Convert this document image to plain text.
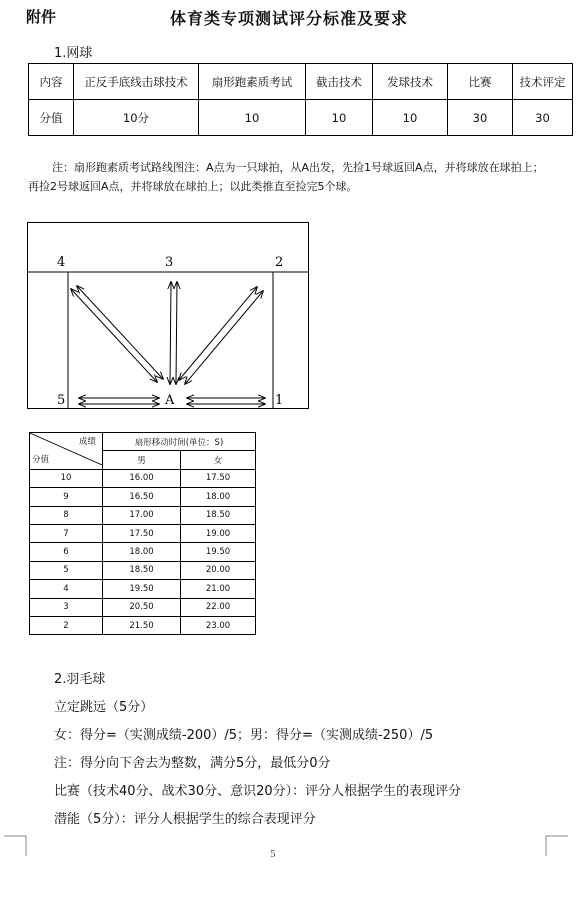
附件	体育类专项测试评分标准及要求
1.网球
内容	正反手底线击球技术	扇形跑素质考试	截击技术	发球技术	比赛	技术评定
分值	10分	10	10	10	30	30
注：扇形跑素质考试路线图注：A点为一只球拍，从A出发，先捡1号球返回A点，并将球放在球拍上；再捡2号球返回A点，并将球放在球拍上；以此类推直至捡完5个球。
4	3	2
5	A	1
成绩
分值	扇形移动时间(单位：S)	
	男	女
10	16.00	17.50
9	16.50	18.00
8	17.00	18.50
7	17.50	19.00
6	18.00	19.50
5	18.50	20.00
4	19.50	21.00
3	20.50	22.00
2	21.50	23.00
2.羽毛球
立定跳远（5分）
女：得分=（实测成绩-200）/5；男：得分=（实测成绩-250）/5
注：得分向下舍去为整数，满分5分，最低分0分
比赛（技术40分、战术30分、意识20分）：评分人根据学生的表现评分
潜能（5分）：评分人根据学生的综合表现评分
5
